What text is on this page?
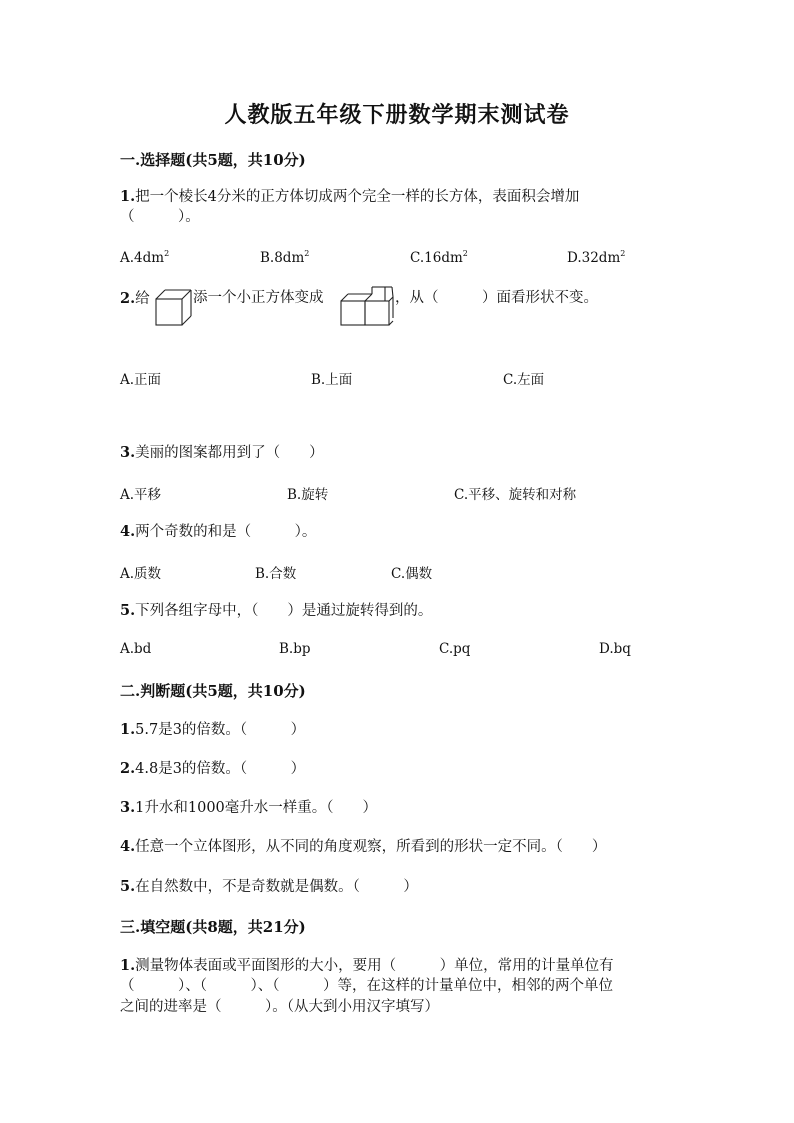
人教版五年级下册数学期末测试卷
一.选择题(共5题，共10分)
1.把一个棱长4分米的正方体切成两个完全一样的长方体，表面积会增加
（　　　）。
$A.4dm^2$	$B.8dm^2$	$C.16dm^2$	$D.32dm^2$
2.给	添一个小正方体变成	，从（　　　）面看形状不变。
A.正面	B.上面	C.左面
3.美丽的图案都用到了（　　）
A.平移	B.旋转	C.平移、旋转和对称
4.两个奇数的和是（　　　）。
A.质数	B.合数	C.偶数
5.下列各组字母中，（　　）是通过旋转得到的。
A.bd	B.bp	C.pq	D.bq
二.判断题(共5题，共10分)
1.5.7是3的倍数。（　　　）
2.4.8是3的倍数。（　　　）
3.1升水和1000毫升水一样重。（　　）
4.任意一个立体图形，从不同的角度观察，所看到的形状一定不同。（　　）
5.在自然数中，不是奇数就是偶数。（　　　）
三.填空题(共8题，共21分)
1.测量物体表面或平面图形的大小，要用（　　　）单位，常用的计量单位有
（　　　）、（　　　）、（　　　）等，在这样的计量单位中，相邻的两个单位
之间的进率是（　　　）。（从大到小用汉字填写）
